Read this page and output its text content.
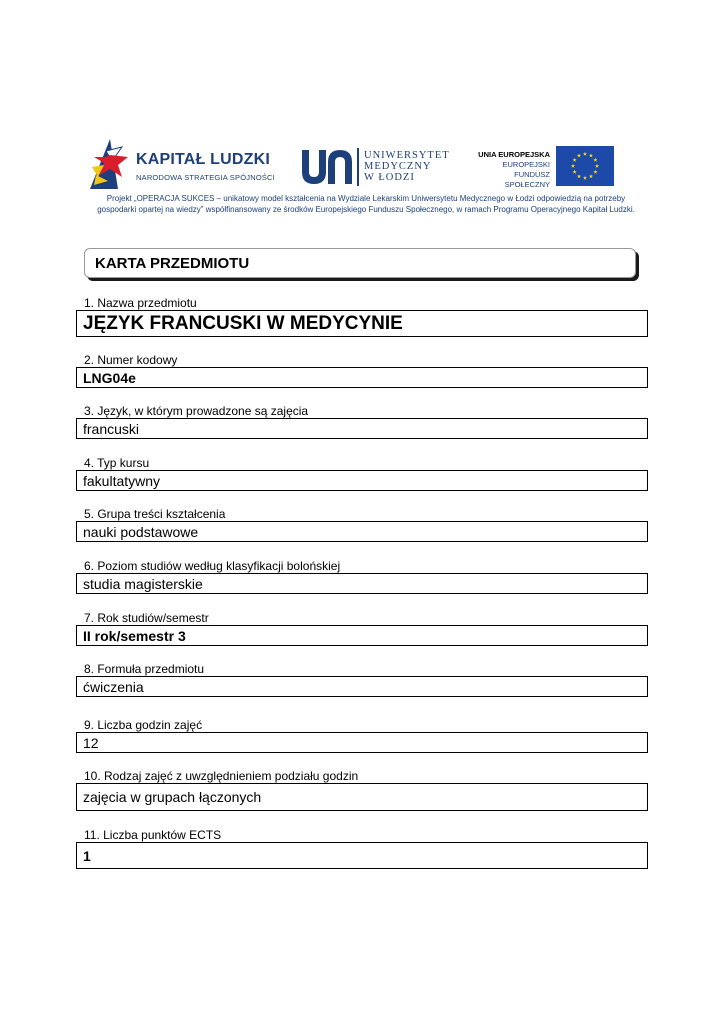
KAPITAŁ LUDZKI
NARODOWA STRATEGIA SPÓJNOŚCI
UNIWERSYTET
MEDYCZNY
W ŁODZI
UNIA EUROPEJSKA
EUROPEJSKI
FUNDUSZ SPOŁECZNY
Projekt „OPERACJA SUKCES – unikatowy model kształcenia na Wydziale Lekarskim Uniwersytetu Medycznego w Łodzi odpowiedzią na potrzeby gospodarki opartej na wiedzy” współfinansowany ze środków Europejskiego Funduszu Społecznego, w ramach Programu Operacyjnego Kapitał Ludzki.
KARTA PRZEDMIOTU
1. Nazwa przedmiotu
JĘZYK FRANCUSKI W MEDYCYNIE
2. Numer kodowy
LNG04e
3. Język, w którym prowadzone są zajęcia
francuski
4. Typ kursu
fakultatywny
5. Grupa treści kształcenia
nauki podstawowe
6. Poziom studiów według klasyfikacji bolońskiej
studia magisterskie
7. Rok studiów/semestr
II rok/semestr 3
8. Formuła przedmiotu
ćwiczenia
9. Liczba godzin zajęć
12
10. Rodzaj zajęć z uwzględnieniem podziału godzin
zajęcia w grupach łączonych
11. Liczba punktów ECTS
1
